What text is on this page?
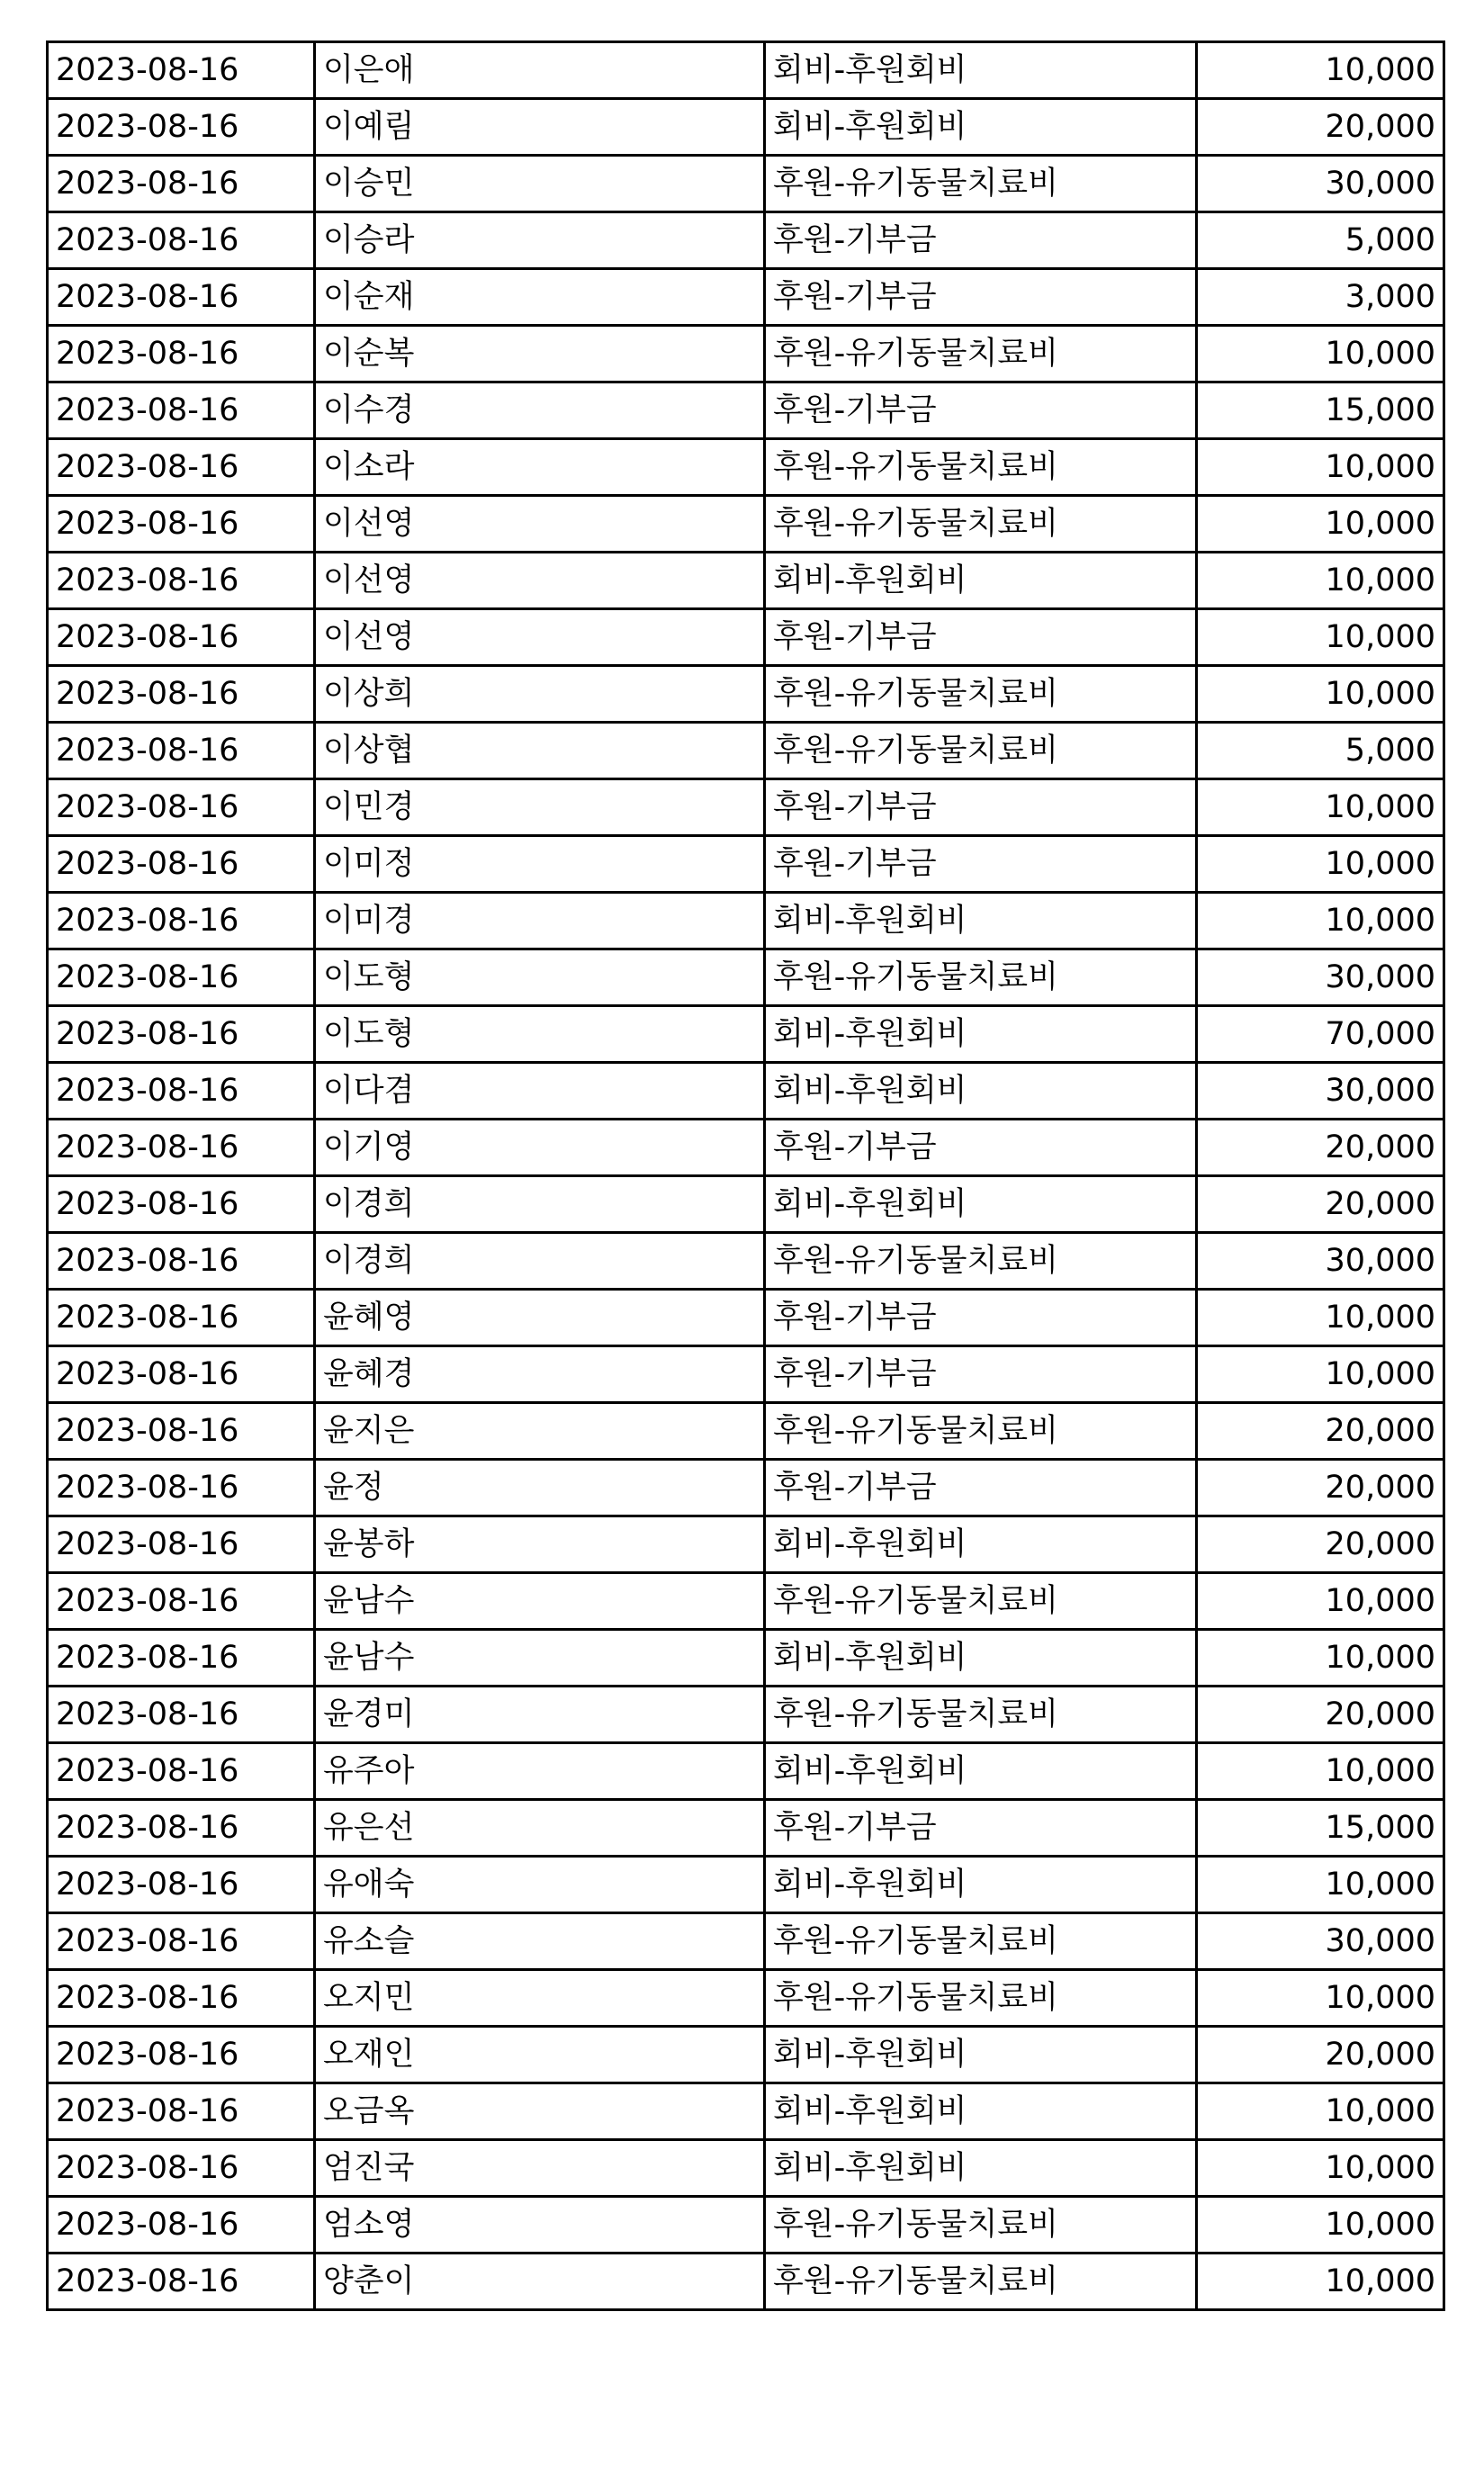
2023-08-16	이은애	회비-후원회비	10,000
2023-08-16	이예림	회비-후원회비	20,000
2023-08-16	이승민	후원-유기동물치료비	30,000
2023-08-16	이승라	후원-기부금	5,000
2023-08-16	이순재	후원-기부금	3,000
2023-08-16	이순복	후원-유기동물치료비	10,000
2023-08-16	이수경	후원-기부금	15,000
2023-08-16	이소라	후원-유기동물치료비	10,000
2023-08-16	이선영	후원-유기동물치료비	10,000
2023-08-16	이선영	회비-후원회비	10,000
2023-08-16	이선영	후원-기부금	10,000
2023-08-16	이상희	후원-유기동물치료비	10,000
2023-08-16	이상협	후원-유기동물치료비	5,000
2023-08-16	이민경	후원-기부금	10,000
2023-08-16	이미정	후원-기부금	10,000
2023-08-16	이미경	회비-후원회비	10,000
2023-08-16	이도형	후원-유기동물치료비	30,000
2023-08-16	이도형	회비-후원회비	70,000
2023-08-16	이다겸	회비-후원회비	30,000
2023-08-16	이기영	후원-기부금	20,000
2023-08-16	이경희	회비-후원회비	20,000
2023-08-16	이경희	후원-유기동물치료비	30,000
2023-08-16	윤혜영	후원-기부금	10,000
2023-08-16	윤혜경	후원-기부금	10,000
2023-08-16	윤지은	후원-유기동물치료비	20,000
2023-08-16	윤정	후원-기부금	20,000
2023-08-16	윤봉하	회비-후원회비	20,000
2023-08-16	윤남수	후원-유기동물치료비	10,000
2023-08-16	윤남수	회비-후원회비	10,000
2023-08-16	윤경미	후원-유기동물치료비	20,000
2023-08-16	유주아	회비-후원회비	10,000
2023-08-16	유은선	후원-기부금	15,000
2023-08-16	유애숙	회비-후원회비	10,000
2023-08-16	유소슬	후원-유기동물치료비	30,000
2023-08-16	오지민	후원-유기동물치료비	10,000
2023-08-16	오재인	회비-후원회비	20,000
2023-08-16	오금옥	회비-후원회비	10,000
2023-08-16	엄진국	회비-후원회비	10,000
2023-08-16	엄소영	후원-유기동물치료비	10,000
2023-08-16	양춘이	후원-유기동물치료비	10,000
